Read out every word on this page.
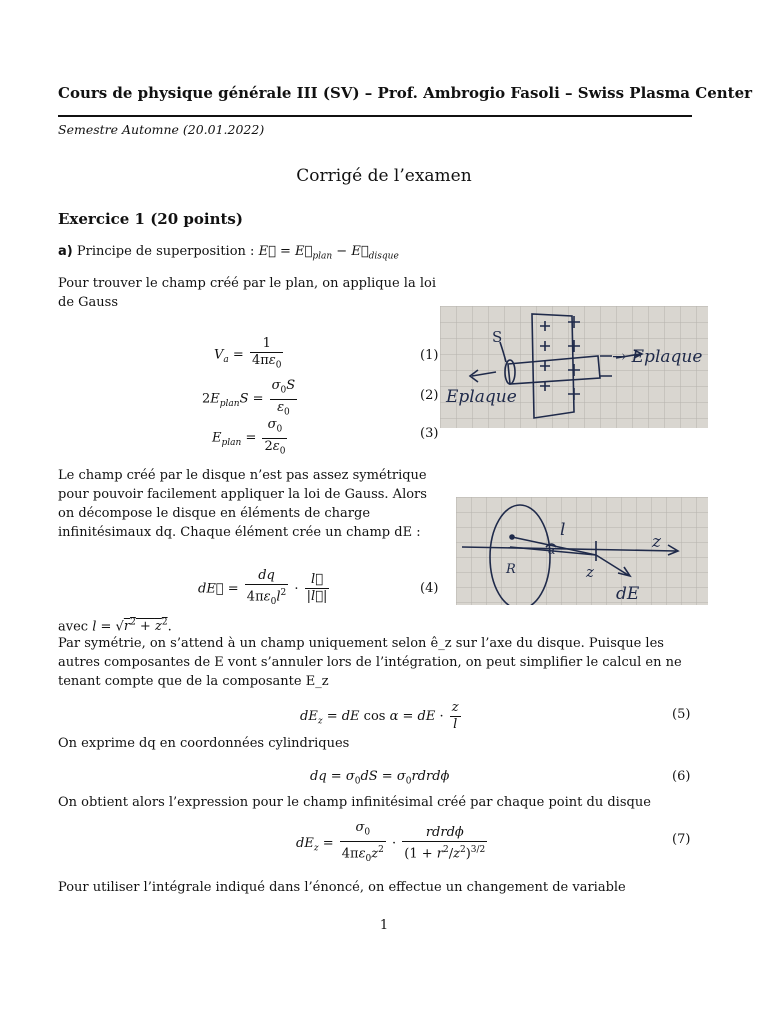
Cours de physique générale III (SV) – Prof. Ambrogio Fasoli – Swiss Plasma Center
Semestre Automne (20.01.2022)
Corrigé de l’examen
Exercice 1 (20 points)
a) Principe de superposition : E⃗ = $E⃗_{plan}$ − $E⃗_{disque}$
Pour trouver le champ créé par le plan, on applique la loi de Gauss
$V_a = \frac{1}{4\pi\varepsilon_0}$	(1)
$2E_{plan}S = \frac{\sigma_0S}{\varepsilon_0}$	(2)
$E_{plan} = \frac{\sigma_0}{2\varepsilon_0}$	(3)
S
→ Eplaque
Eplaque
Le champ créé par le disque n’est pas assez symétrique pour pouvoir facilement appliquer la loi de Gauss. Alors on décompose le disque en éléments de charge infinitésimaux dq. Chaque élément crée un champ dE :	l
α	z
z
dE
R
dE⃗ = $\frac{dq}{4\pi\varepsilon_0l^2} \cdot \frac{l⃗}{|l⃗|}$	(4)
avec $l = √r^2 + z^2$.
Par symétrie, on s’attend à un champ uniquement selon ê_z sur l’axe du disque. Puisque les autres composantes de E vont s’annuler lors de l’intégration, on peut simplifier le calcul en ne tenant compte que de la composante E_z
$dE_z$ = dE cos α = dE · $\frac{z}{l}$	(5)
On exprime dq en coordonnées cylindriques
dq = $\sigma_0dS$ = $\sigma_0rdrd\phi$	(6)
On obtient alors l’expression pour le champ infinitésimal créé par chaque point du disque
$dE_z = \frac{\sigma_0}{4\pi\varepsilon_0z^2} \cdot \frac{\text{rdrdϕ}}{(1 + r^2/z^2)^{3/2}}$	(7)
Pour utiliser l’intégrale indiqué dans l’énoncé, on effectue un changement de variable
1
